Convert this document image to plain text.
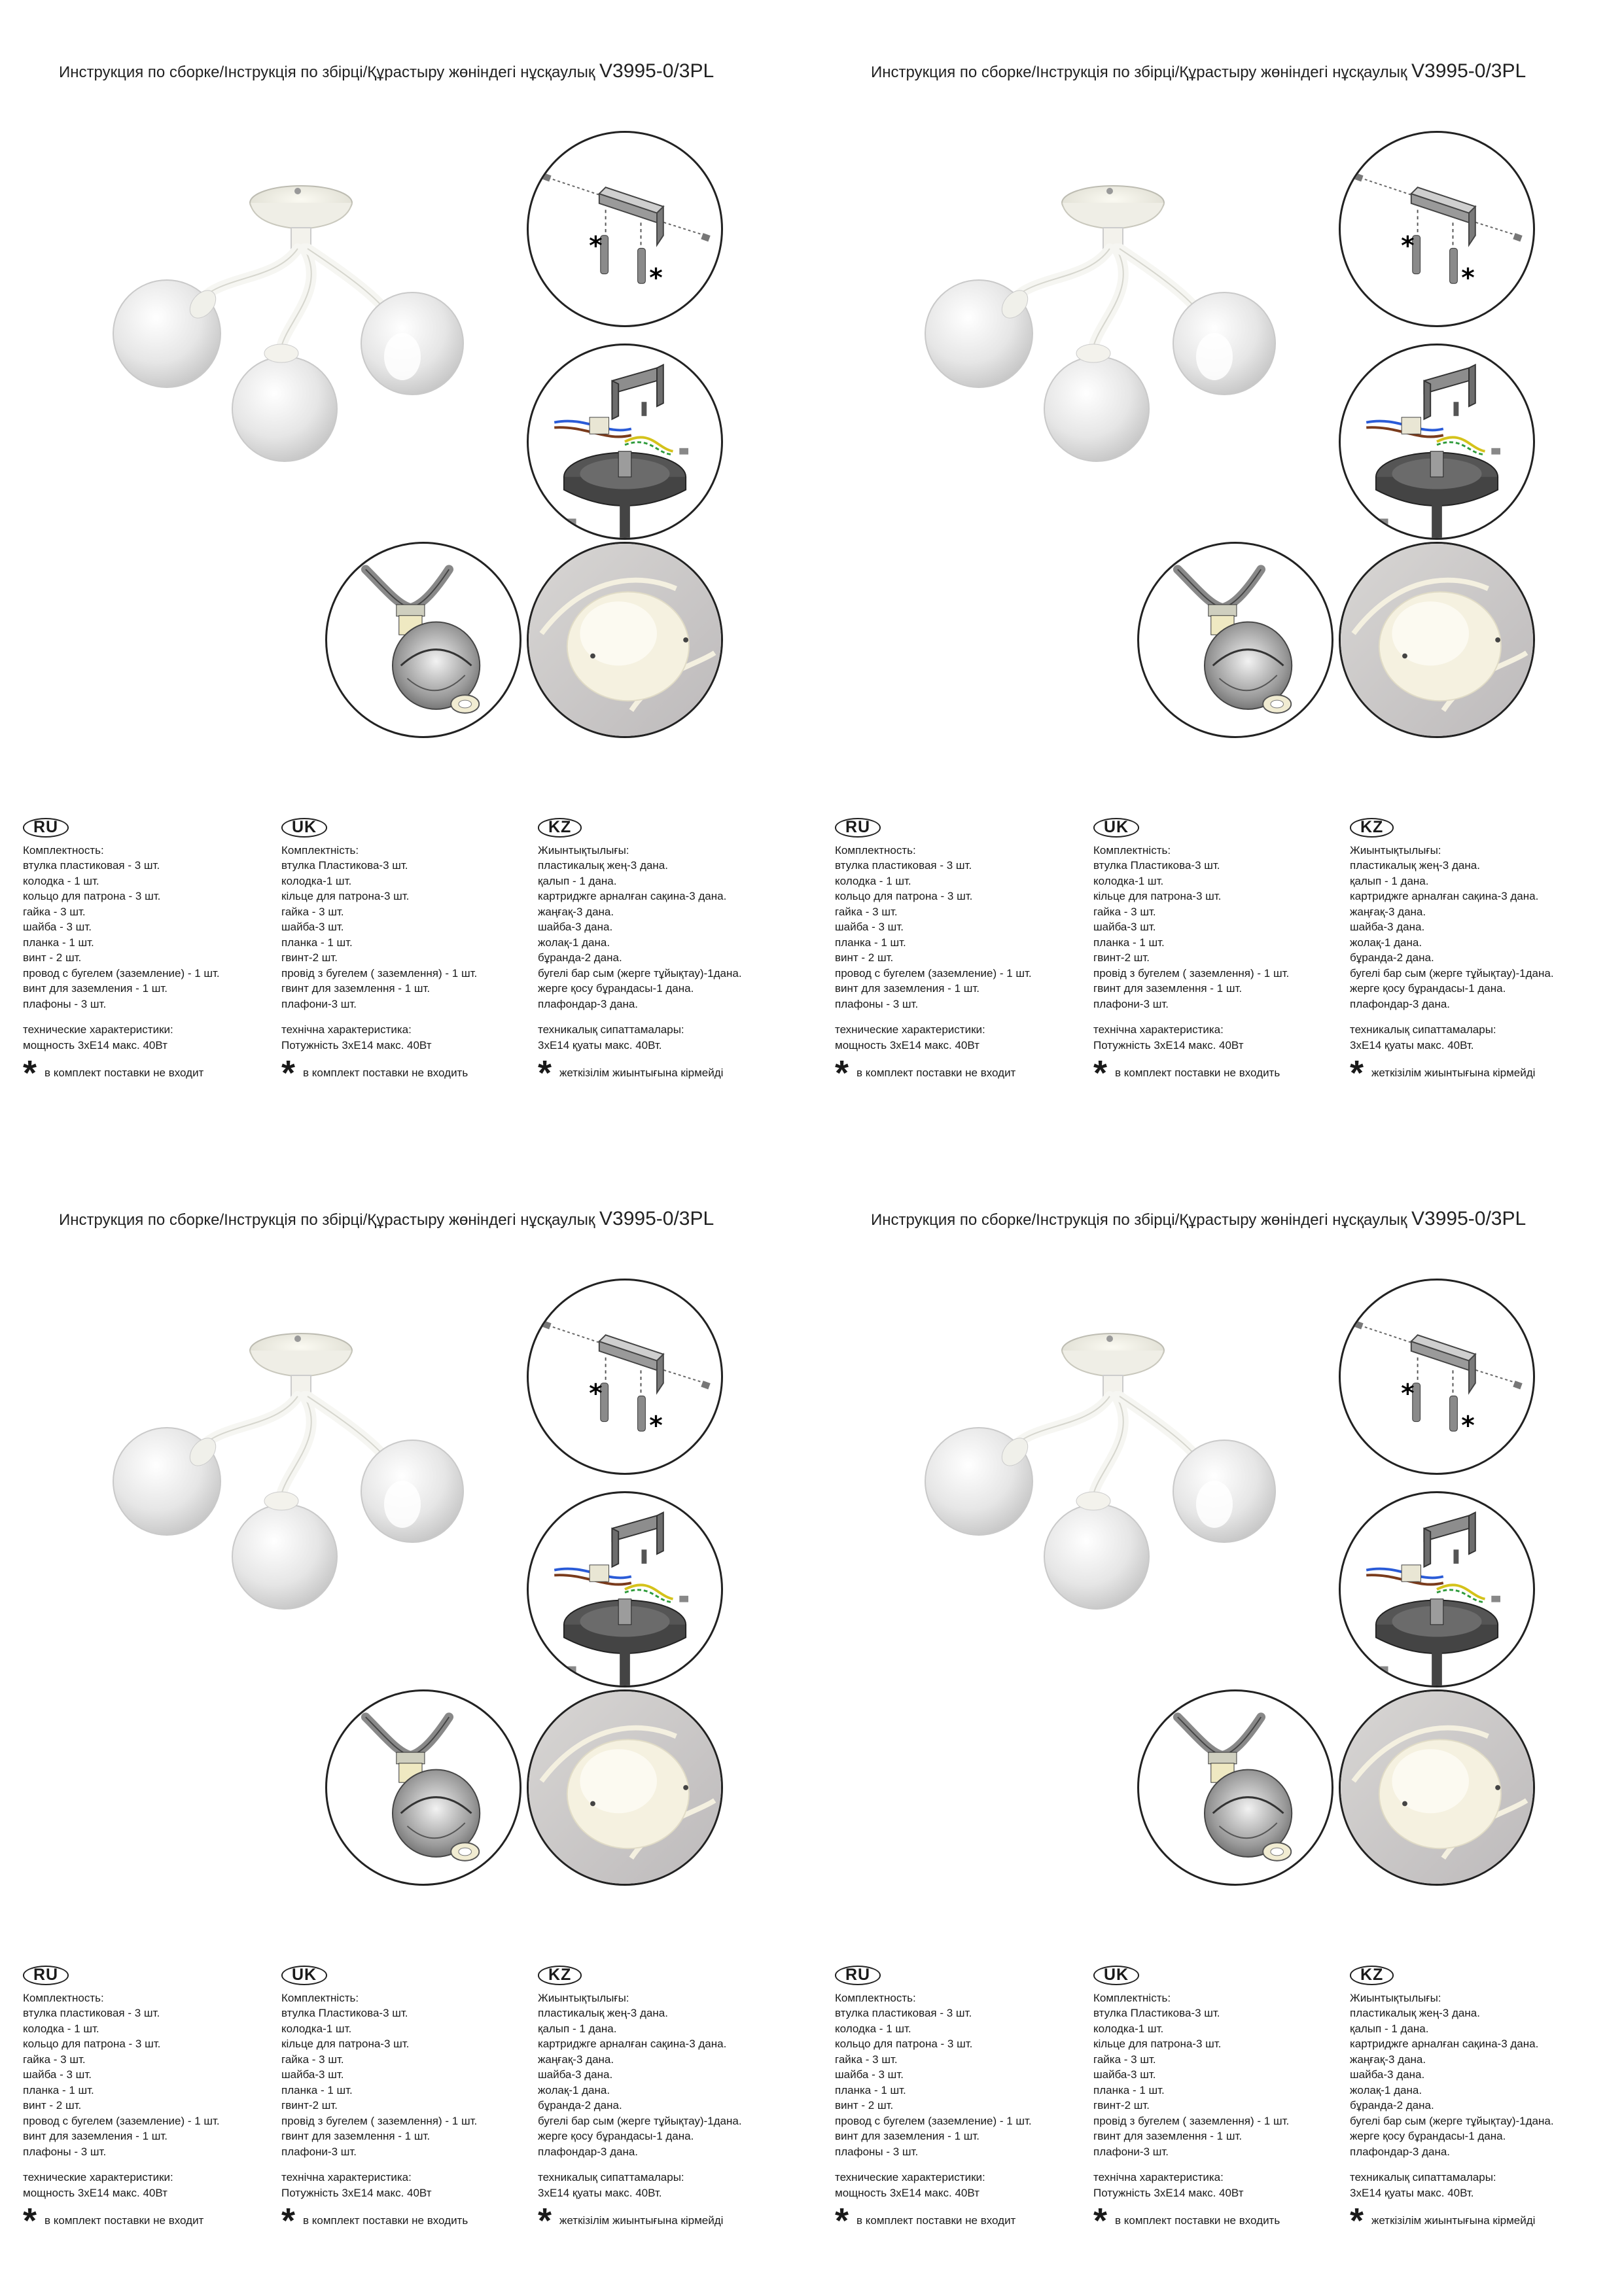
Инструкция по сборке/Інструкція по збірці/Құрастыру жөніндегі нұсқаулық V3995-0/3PL
*
*
RU
Комплектность:
втулка пластиковая - 3 шт.
колодка - 1 шт.
кольцо для патрона - 3 шт.
гайка - 3 шт.
шайба - 3 шт.
планка - 1 шт.
винт - 2 шт.
провод с бугелем (заземление) - 1 шт.
винт для заземления - 1 шт.
плафоны - 3 шт.
технические характеристики:
мощность 3хЕ14 макс. 40Вт
* в комплект поставки не входит
UK
Комплектність:
втулка Пластикова-3 шт.
колодка-1 шт.
кільце для патрона-3 шт.
гайка - 3 шт.
шайба-3 шт.
планка - 1 шт.
гвинт-2 шт.
провід з бугелем ( заземлення) - 1 шт.
гвинт для заземлення - 1 шт.
плафони-3 шт.
технічна характеристика:
Потужність 3хЕ14 макс. 40Вт
* в комплект поставки не входить
KZ
Жиынтықтылығы:
пластикалық жең-3 дана.
қалып - 1 дана.
картриджге арналған сақина-3 дана.
жаңғақ-3 дана.
шайба-3 дана.
жолақ-1 дана.
бұранда-2 дана.
бугелі бар сым (жерге тұйықтау)-1дана.
жерге қосу бұрандасы-1 дана.
плафондар-3 дана.
техникалық сипаттамалары:
3хЕ14 қуаты макс. 40Вт.
* жеткізілім жиынтығына кірмейді
Инструкция по сборке/Інструкція по збірці/Құрастыру жөніндегі нұсқаулық V3995-0/3PL
*
*
RU
Комплектность:
втулка пластиковая - 3 шт.
колодка - 1 шт.
кольцо для патрона - 3 шт.
гайка - 3 шт.
шайба - 3 шт.
планка - 1 шт.
винт - 2 шт.
провод с бугелем (заземление) - 1 шт.
винт для заземления - 1 шт.
плафоны - 3 шт.
технические характеристики:
мощность 3хЕ14 макс. 40Вт
* в комплект поставки не входит
UK
Комплектність:
втулка Пластикова-3 шт.
колодка-1 шт.
кільце для патрона-3 шт.
гайка - 3 шт.
шайба-3 шт.
планка - 1 шт.
гвинт-2 шт.
провід з бугелем ( заземлення) - 1 шт.
гвинт для заземлення - 1 шт.
плафони-3 шт.
технічна характеристика:
Потужність 3хЕ14 макс. 40Вт
* в комплект поставки не входить
KZ
Жиынтықтылығы:
пластикалық жең-3 дана.
қалып - 1 дана.
картриджге арналған сақина-3 дана.
жаңғақ-3 дана.
шайба-3 дана.
жолақ-1 дана.
бұранда-2 дана.
бугелі бар сым (жерге тұйықтау)-1дана.
жерге қосу бұрандасы-1 дана.
плафондар-3 дана.
техникалық сипаттамалары:
3хЕ14 қуаты макс. 40Вт.
* жеткізілім жиынтығына кірмейді
Инструкция по сборке/Інструкція по збірці/Құрастыру жөніндегі нұсқаулық V3995-0/3PL
*
*
RU
Комплектность:
втулка пластиковая - 3 шт.
колодка - 1 шт.
кольцо для патрона - 3 шт.
гайка - 3 шт.
шайба - 3 шт.
планка - 1 шт.
винт - 2 шт.
провод с бугелем (заземление) - 1 шт.
винт для заземления - 1 шт.
плафоны - 3 шт.
технические характеристики:
мощность 3хЕ14 макс. 40Вт
* в комплект поставки не входит
UK
Комплектність:
втулка Пластикова-3 шт.
колодка-1 шт.
кільце для патрона-3 шт.
гайка - 3 шт.
шайба-3 шт.
планка - 1 шт.
гвинт-2 шт.
провід з бугелем ( заземлення) - 1 шт.
гвинт для заземлення - 1 шт.
плафони-3 шт.
технічна характеристика:
Потужність 3хЕ14 макс. 40Вт
* в комплект поставки не входить
KZ
Жиынтықтылығы:
пластикалық жең-3 дана.
қалып - 1 дана.
картриджге арналған сақина-3 дана.
жаңғақ-3 дана.
шайба-3 дана.
жолақ-1 дана.
бұранда-2 дана.
бугелі бар сым (жерге тұйықтау)-1дана.
жерге қосу бұрандасы-1 дана.
плафондар-3 дана.
техникалық сипаттамалары:
3хЕ14 қуаты макс. 40Вт.
* жеткізілім жиынтығына кірмейді
Инструкция по сборке/Інструкція по збірці/Құрастыру жөніндегі нұсқаулық V3995-0/3PL
*
*
RU
Комплектность:
втулка пластиковая - 3 шт.
колодка - 1 шт.
кольцо для патрона - 3 шт.
гайка - 3 шт.
шайба - 3 шт.
планка - 1 шт.
винт - 2 шт.
провод с бугелем (заземление) - 1 шт.
винт для заземления - 1 шт.
плафоны - 3 шт.
технические характеристики:
мощность 3хЕ14 макс. 40Вт
* в комплект поставки не входит
UK
Комплектність:
втулка Пластикова-3 шт.
колодка-1 шт.
кільце для патрона-3 шт.
гайка - 3 шт.
шайба-3 шт.
планка - 1 шт.
гвинт-2 шт.
провід з бугелем ( заземлення) - 1 шт.
гвинт для заземлення - 1 шт.
плафони-3 шт.
технічна характеристика:
Потужність 3хЕ14 макс. 40Вт
* в комплект поставки не входить
KZ
Жиынтықтылығы:
пластикалық жең-3 дана.
қалып - 1 дана.
картриджге арналған сақина-3 дана.
жаңғақ-3 дана.
шайба-3 дана.
жолақ-1 дана.
бұранда-2 дана.
бугелі бар сым (жерге тұйықтау)-1дана.
жерге қосу бұрандасы-1 дана.
плафондар-3 дана.
техникалық сипаттамалары:
3хЕ14 қуаты макс. 40Вт.
* жеткізілім жиынтығына кірмейді
